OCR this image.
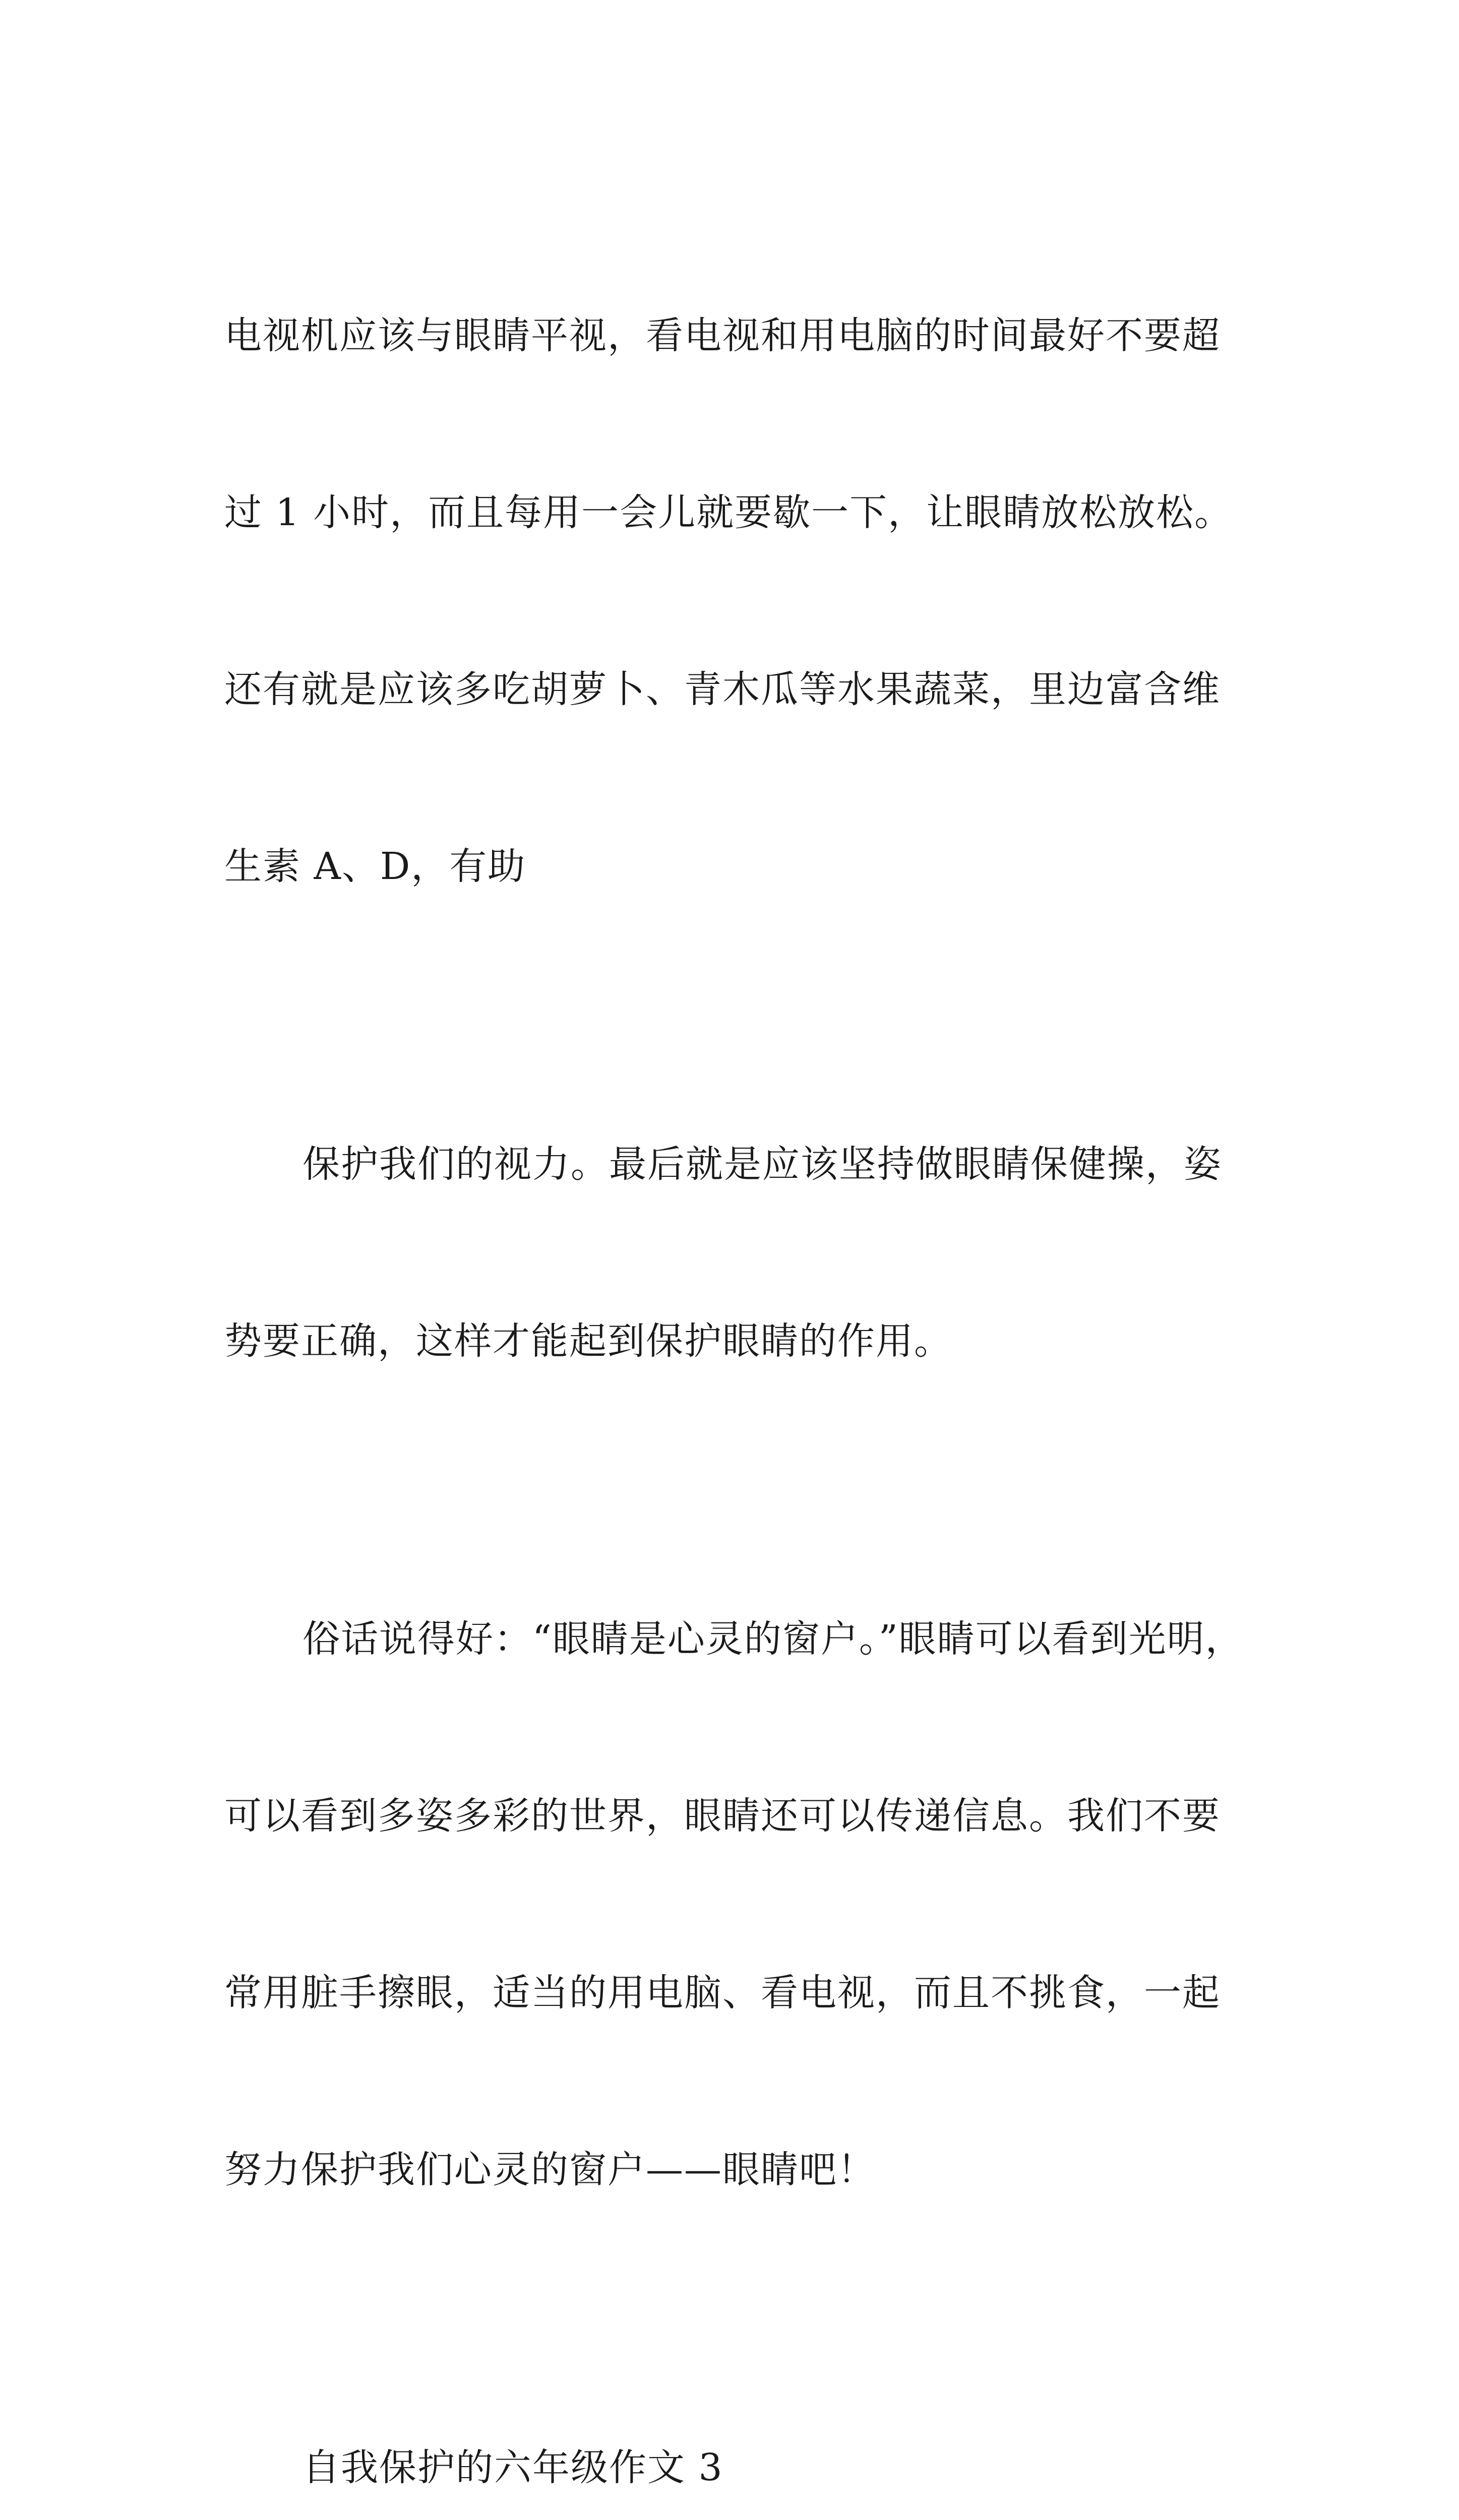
电视机应该与眼睛平视，看电视和用电脑的时间最好不要超

过 1 小时，而且每用一会儿就要歇一下，让眼睛放松放松。

还有就是应该多吃胡萝卜、青木瓜等水果蔬菜，里边富含维

生素 A、D，有助

保护我们的视力。最后就是应该坚持做眼睛保健操，姿

势要正确，这样才能起到保护眼睛的作用。

俗话说得好：“眼睛是心灵的窗户。”眼睛可以看到光明，

可以看到多姿多彩的世界，眼睛还可以传递信息。我们不要

常用脏手擦眼，适当的用电脑、看电视，而且不挑食，一起

努力保护我们心灵的窗户——眼睛吧！

自我保护的六年级作文 3
